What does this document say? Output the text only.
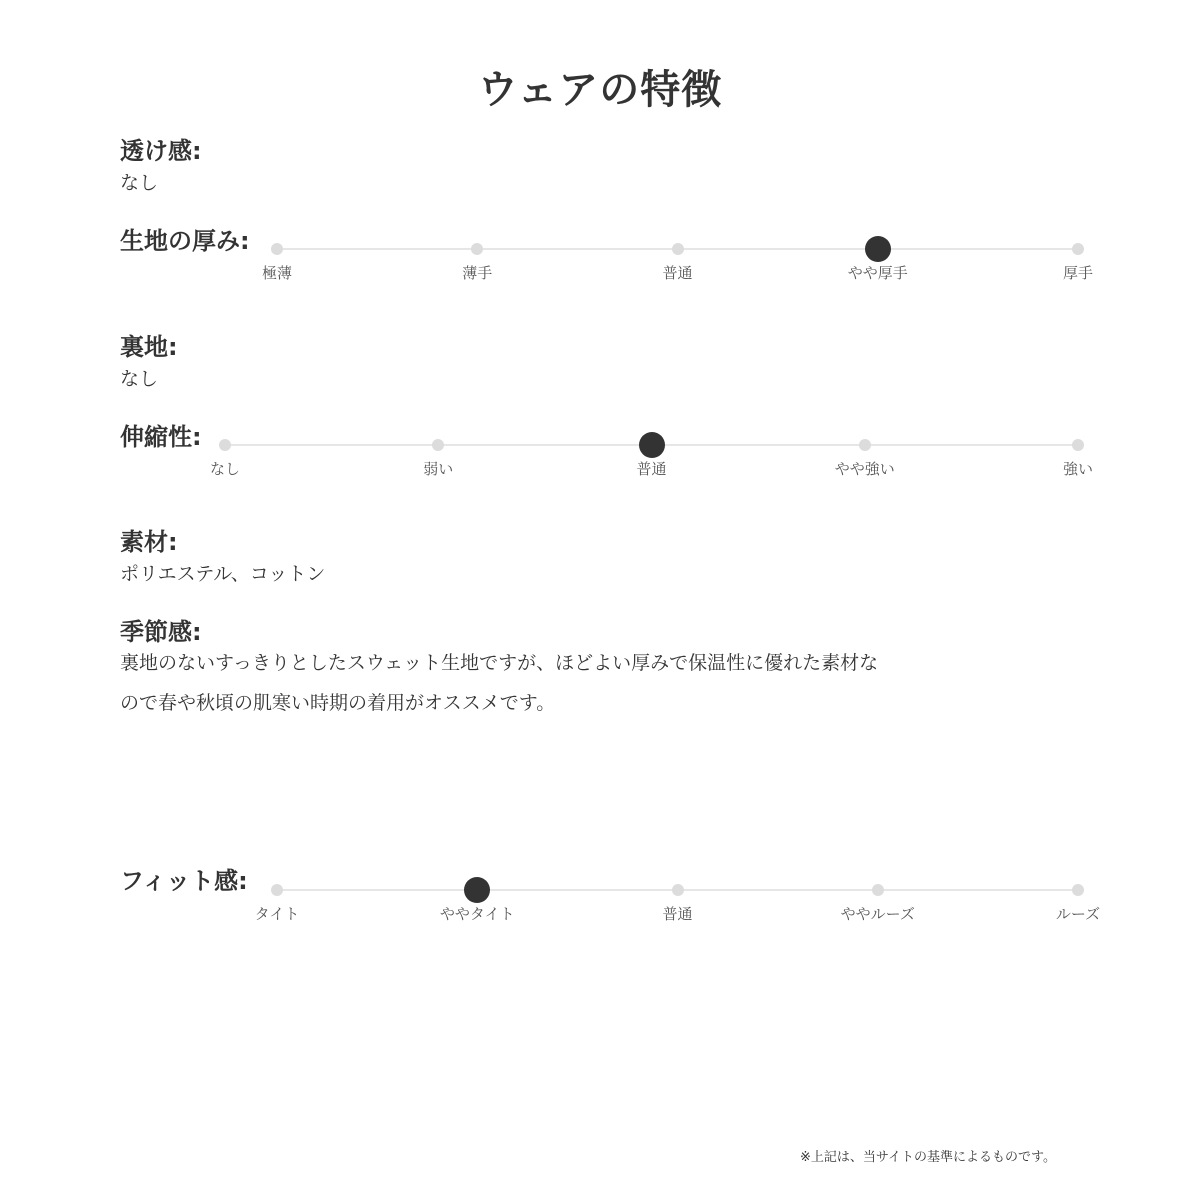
ウェアの特徴
透け感:
なし
生地の厚み:
極薄	薄手	普通	やや厚手	厚手
裏地:
なし
伸縮性:
なし	弱い	普通	やや強い	強い
素材:
ポリエステル、コットン
季節感:
裏地のないすっきりとしたスウェット生地ですが、ほどよい厚みで保温性に優れた素材なので春や秋頃の肌寒い時期の着用がオススメです。
フィット感:
タイト	ややタイト	普通	ややルーズ	ルーズ
※上記は、当サイトの基準によるものです。
